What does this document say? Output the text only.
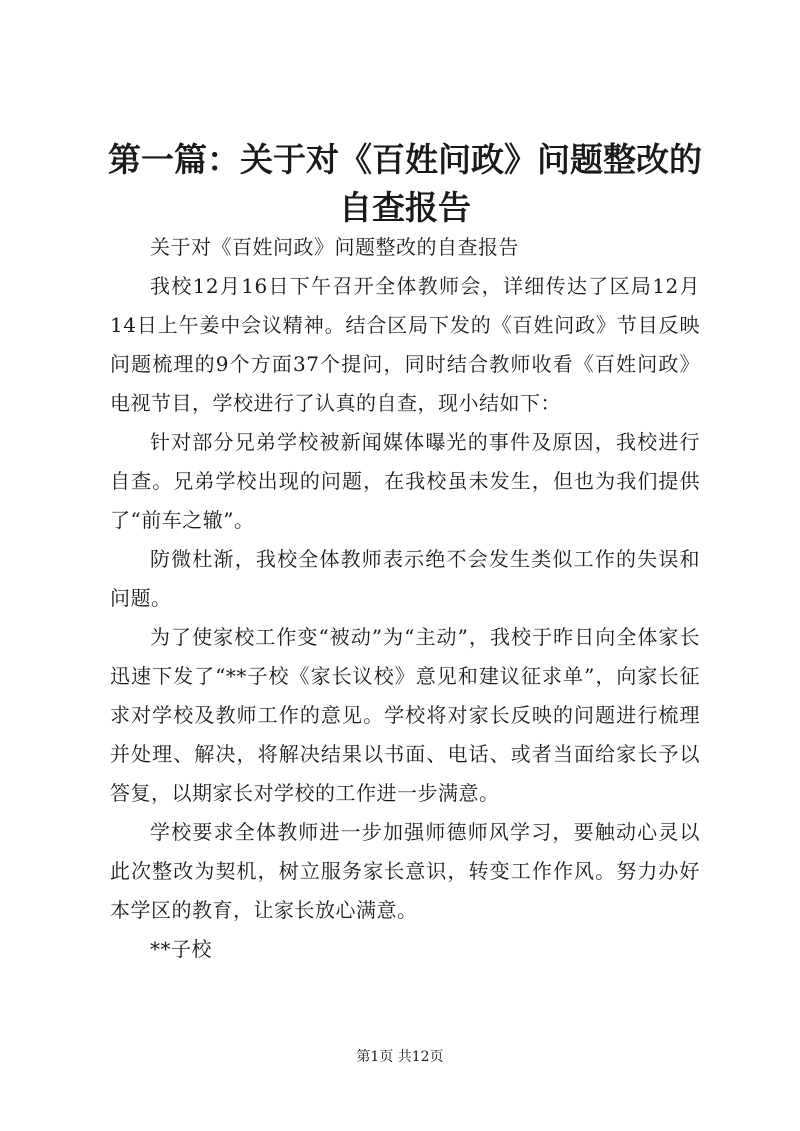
第一篇：关于对《百姓问政》问题整改的自查报告

关于对《百姓问政》问题整改的自查报告

我校12月16日下午召开全体教师会，详细传达了区局12月14日上午姜中会议精神。结合区局下发的《百姓问政》节目反映问题梳理的9个方面37个提问，同时结合教师收看《百姓问政》电视节目，学校进行了认真的自查，现小结如下：

针对部分兄弟学校被新闻媒体曝光的事件及原因，我校进行自查。兄弟学校出现的问题，在我校虽未发生，但也为我们提供了“前车之辙”。

防微杜渐，我校全体教师表示绝不会发生类似工作的失误和问题。

为了使家校工作变“被动”为“主动”，我校于昨日向全体家长迅速下发了“**子校《家长议校》意见和建议征求单”，向家长征求对学校及教师工作的意见。学校将对家长反映的问题进行梳理并处理、解决，将解决结果以书面、电话、或者当面给家长予以答复，以期家长对学校的工作进一步满意。

学校要求全体教师进一步加强师德师风学习，要触动心灵以此次整改为契机，树立服务家长意识，转变工作作风。努力办好本学区的教育，让家长放心满意。

**子校

第1页 共12页
